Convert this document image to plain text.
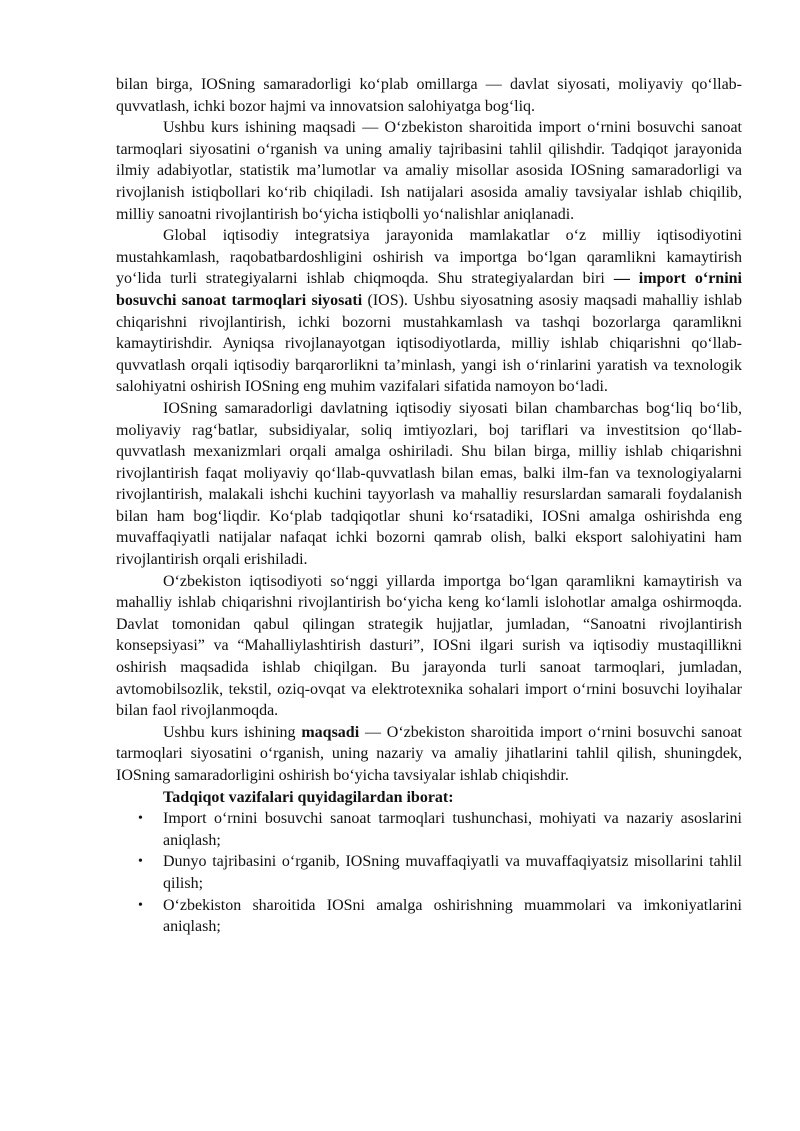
bilan birga, IOSning samaradorligi koʻplab omillarga — davlat siyosati, moliyaviy qoʻllab-quvvatlash, ichki bozor hajmi va innovatsion salohiyatga bogʻliq.

Ushbu kurs ishining maqsadi — Oʻzbekiston sharoitida import oʻrnini bosuvchi sanoat tarmoqlari siyosatini oʻrganish va uning amaliy tajribasini tahlil qilishdir. Tadqiqot jarayonida ilmiy adabiyotlar, statistik maʼlumotlar va amaliy misollar asosida IOSning samaradorligi va rivojlanish istiqbollari koʻrib chiqiladi. Ish natijalari asosida amaliy tavsiyalar ishlab chiqilib, milliy sanoatni rivojlantirish boʻyicha istiqbolli yoʻnalishlar aniqlanadi.

Global iqtisodiy integratsiya jarayonida mamlakatlar oʻz milliy iqtisodiyotini mustahkamlash, raqobatbardoshligini oshirish va importga boʻlgan qaramlikni kamaytirish yoʻlida turli strategiyalarni ishlab chiqmoqda. Shu strategiyalardan biri — import oʻrnini bosuvchi sanoat tarmoqlari siyosati (IOS). Ushbu siyosatning asosiy maqsadi mahalliy ishlab chiqarishni rivojlantirish, ichki bozorni mustahkamlash va tashqi bozorlarga qaramlikni kamaytirishdir. Ayniqsa rivojlanayotgan iqtisodiyotlarda, milliy ishlab chiqarishni qoʻllab-quvvatlash orqali iqtisodiy barqarorlikni taʼminlash, yangi ish oʻrinlarini yaratish va texnologik salohiyatni oshirish IOSning eng muhim vazifalari sifatida namoyon boʻladi.

IOSning samaradorligi davlatning iqtisodiy siyosati bilan chambarchas bogʻliq boʻlib, moliyaviy ragʻbatlar, subsidiyalar, soliq imtiyozlari, boj tariflari va investitsion qoʻllab-quvvatlash mexanizmlari orqali amalga oshiriladi. Shu bilan birga, milliy ishlab chiqarishni rivojlantirish faqat moliyaviy qoʻllab-quvvatlash bilan emas, balki ilm-fan va texnologiyalarni rivojlantirish, malakali ishchi kuchini tayyorlash va mahalliy resurslardan samarali foydalanish bilan ham bogʻliqdir. Koʻplab tadqiqotlar shuni koʻrsatadiki, IOSni amalga oshirishda eng muvaffaqiyatli natijalar nafaqat ichki bozorni qamrab olish, balki eksport salohiyatini ham rivojlantirish orqali erishiladi.

Oʻzbekiston iqtisodiyoti soʻnggi yillarda importga boʻlgan qaramlikni kamaytirish va mahalliy ishlab chiqarishni rivojlantirish boʻyicha keng koʻlamli islohotlar amalga oshirmoqda. Davlat tomonidan qabul qilingan strategik hujjatlar, jumladan, “Sanoatni rivojlantirish konsepsiyasi” va “Mahalliylashtirish dasturi”, IOSni ilgari surish va iqtisodiy mustaqillikni oshirish maqsadida ishlab chiqilgan. Bu jarayonda turli sanoat tarmoqlari, jumladan, avtomobilsozlik, tekstil, oziq-ovqat va elektrotexnika sohalari import oʻrnini bosuvchi loyihalar bilan faol rivojlanmoqda.

Ushbu kurs ishining maqsadi — Oʻzbekiston sharoitida import oʻrnini bosuvchi sanoat tarmoqlari siyosatini oʻrganish, uning nazariy va amaliy jihatlarini tahlil qilish, shuningdek, IOSning samaradorligini oshirish boʻyicha tavsiyalar ishlab chiqishdir.

Tadqiqot vazifalari quyidagilardan iborat:

• Import oʻrnini bosuvchi sanoat tarmoqlari tushunchasi, mohiyati va nazariy asoslarini aniqlash;
• Dunyo tajribasini oʻrganib, IOSning muvaffaqiyatli va muvaffaqiyatsiz misollarini tahlil qilish;
• Oʻzbekiston sharoitida IOSni amalga oshirishning muammolari va imkoniyatlarini aniqlash;
